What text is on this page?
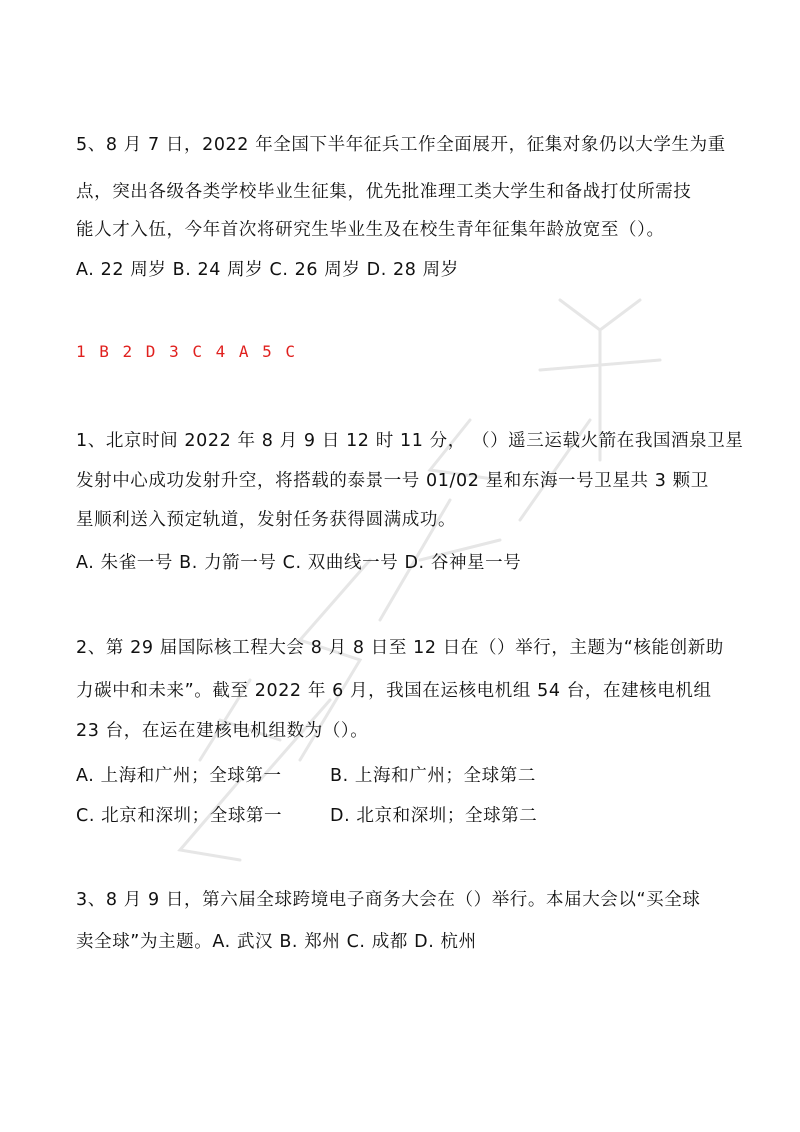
5、8 月 7 日，2022 年全国下半年征兵工作全面展开，征集对象仍以大学生为重
点，突出各级各类学校毕业生征集，优先批准理工类大学生和备战打仗所需技
能人才入伍，今年首次将研究生毕业生及在校生青年征集年龄放宽至（）。
A. 22 周岁 B. 24 周岁 C. 26 周岁 D. 28 周岁
1 B 2 D 3 C 4 A 5 C
1、北京时间 2022 年 8 月 9 日 12 时 11 分， （）遥三运载火箭在我国酒泉卫星
发射中心成功发射升空，将搭载的泰景一号 01/02 星和东海一号卫星共 3 颗卫
星顺利送入预定轨道，发射任务获得圆满成功。
A. 朱雀一号 B. 力箭一号 C. 双曲线一号 D. 谷神星一号
2、第 29 届国际核工程大会 8 月 8 日至 12 日在（）举行，主题为“核能创新助
力碳中和未来”。截至 2022 年 6 月，我国在运核电机组 54 台，在建核电机组
23 台，在运在建核电机组数为（）。
A. 上海和广州；全球第一	B. 上海和广州；全球第二
C. 北京和深圳；全球第一	D. 北京和深圳；全球第二
3、8 月 9 日，第六届全球跨境电子商务大会在（）举行。本届大会以“买全球
卖全球”为主题。A. 武汉 B. 郑州 C. 成都 D. 杭州
